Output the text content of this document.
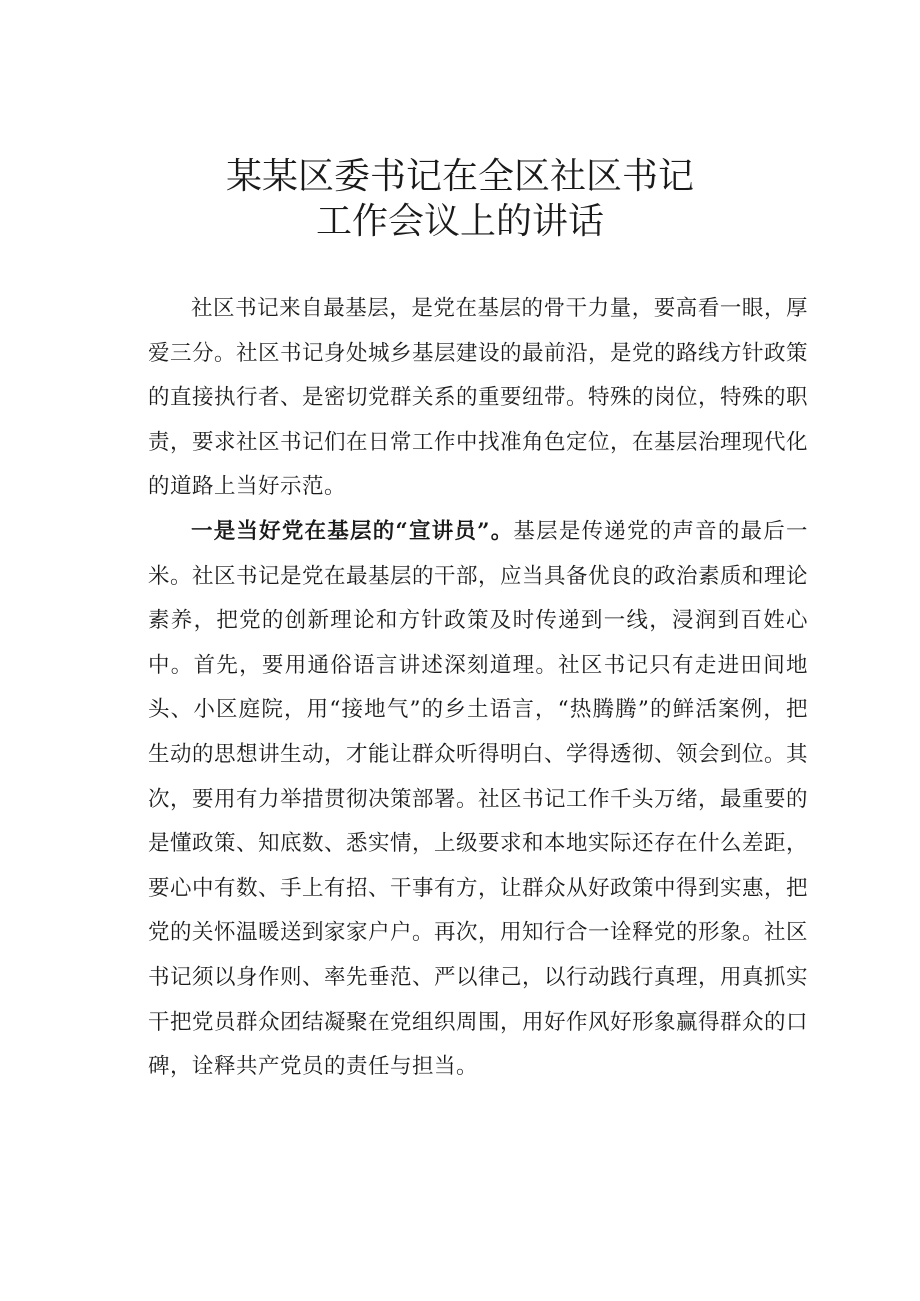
某某区委书记在全区社区书记
工作会议上的讲话

社区书记来自最基层，是党在基层的骨干力量，要高看一眼，厚爱三分。社区书记身处城乡基层建设的最前沿，是党的路线方针政策的直接执行者、是密切党群关系的重要纽带。特殊的岗位，特殊的职责，要求社区书记们在日常工作中找准角色定位，在基层治理现代化的道路上当好示范。

一是当好党在基层的“宣讲员”。基层是传递党的声音的最后一米。社区书记是党在最基层的干部，应当具备优良的政治素质和理论素养，把党的创新理论和方针政策及时传递到一线，浸润到百姓心中。首先，要用通俗语言讲述深刻道理。社区书记只有走进田间地头、小区庭院，用“接地气”的乡土语言，“热腾腾”的鲜活案例，把生动的思想讲生动，才能让群众听得明白、学得透彻、领会到位。其次，要用有力举措贯彻决策部署。社区书记工作千头万绪，最重要的是懂政策、知底数、悉实情，上级要求和本地实际还存在什么差距，要心中有数、手上有招、干事有方，让群众从好政策中得到实惠，把党的关怀温暖送到家家户户。再次，用知行合一诠释党的形象。社区书记须以身作则、率先垂范、严以律己，以行动践行真理，用真抓实干把党员群众团结凝聚在党组织周围，用好作风好形象赢得群众的口碑，诠释共产党员的责任与担当。
